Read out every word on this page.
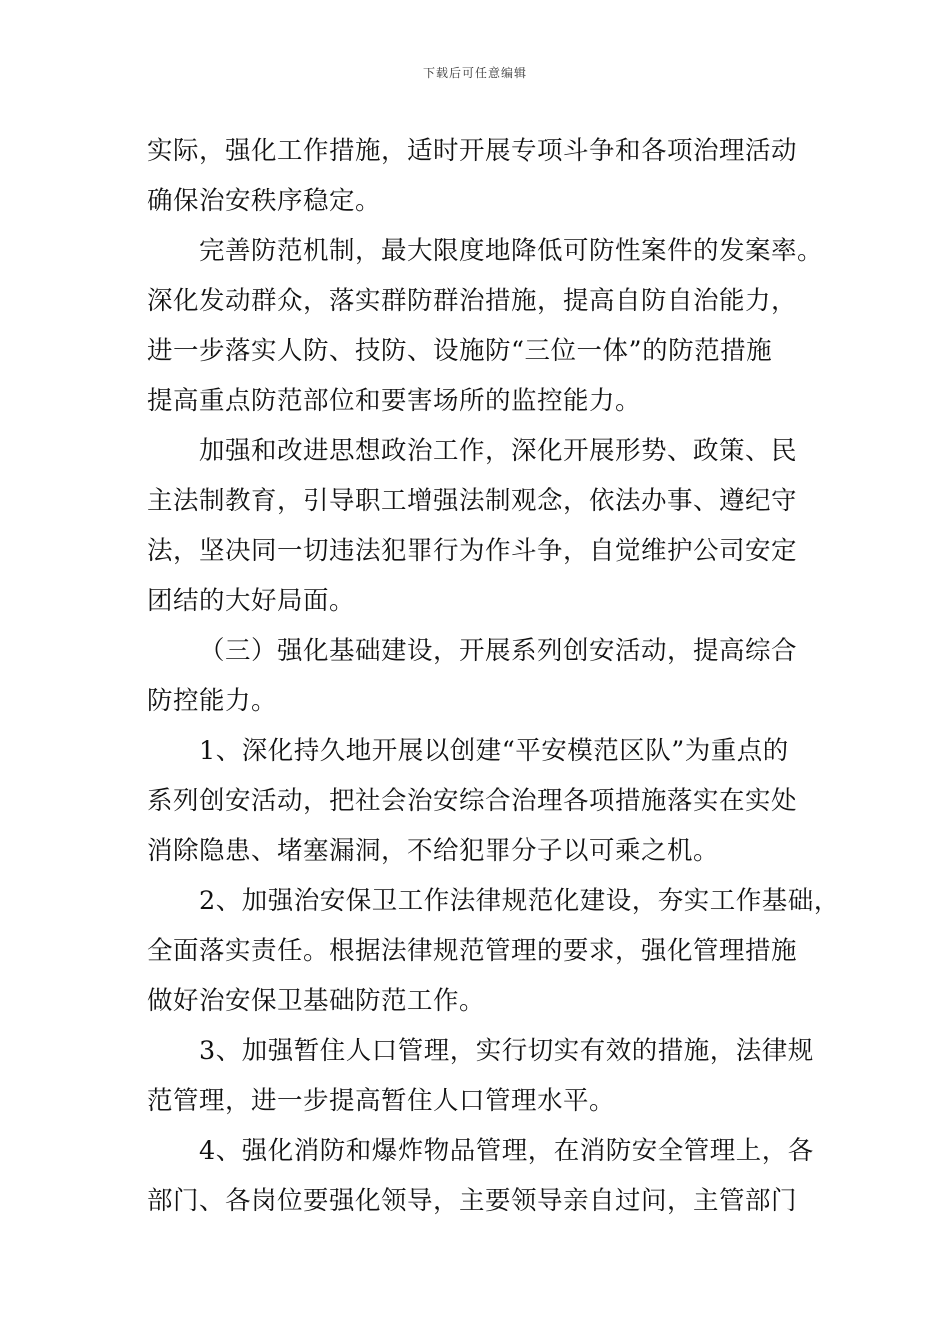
下载后可任意编辑
实际，强化工作措施，适时开展专项斗争和各项治理活动
确保治安秩序稳定。
完善防范机制，最大限度地降低可防性案件的发案率。
深化发动群众，落实群防群治措施，提高自防自治能力，
进一步落实人防、技防、设施防“三位一体”的防范措施
提高重点防范部位和要害场所的监控能力。
加强和改进思想政治工作，深化开展形势、政策、民
主法制教育，引导职工增强法制观念，依法办事、遵纪守
法，坚决同一切违法犯罪行为作斗争，自觉维护公司安定
团结的大好局面。
（三）强化基础建设，开展系列创安活动，提高综合
防控能力。
1、深化持久地开展以创建“平安模范区队”为重点的
系列创安活动，把社会治安综合治理各项措施落实在实处
消除隐患、堵塞漏洞，不给犯罪分子以可乘之机。
2、加强治安保卫工作法律规范化建设，夯实工作基础，
全面落实责任。根据法律规范管理的要求，强化管理措施
做好治安保卫基础防范工作。
3、加强暂住人口管理，实行切实有效的措施，法律规
范管理，进一步提高暂住人口管理水平。
4、强化消防和爆炸物品管理，在消防安全管理上，各
部门、各岗位要强化领导，主要领导亲自过问，主管部门
